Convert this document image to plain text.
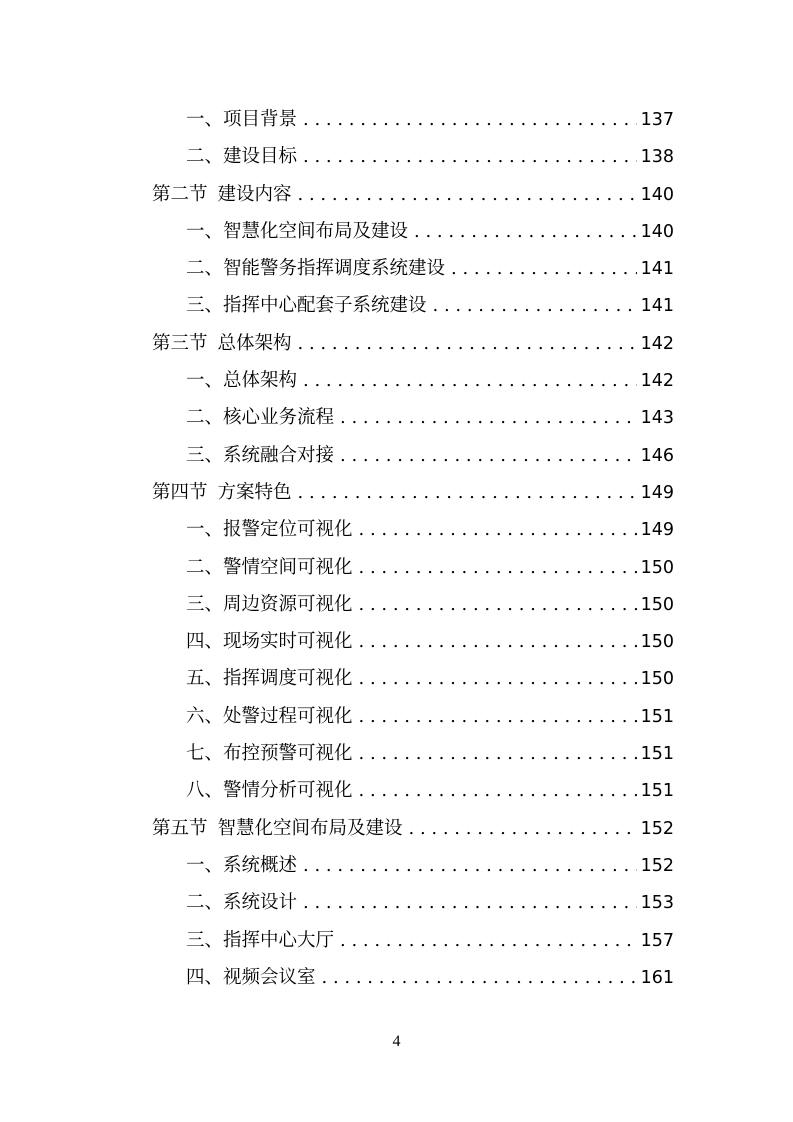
一、 项目背景 . . .	137
二、 建设目标 . . .	138
第二节 建设内容 . . .	140
一、 智慧化空间布局及建设 . . .	140
二、 智能警务指挥调度系统建设 . . .	141
三、 指挥中心配套子系统建设 . . .	141
第三节 总体架构 . . .	142
一、 总体架构 . . .	142
二、 核心业务流程 . . .	143
三、 系统融合对接 . . .	146
第四节 方案特色 . . .	149
一、 报警定位可视化 . . .	149
二、 警情空间可视化 . . .	150
三、 周边资源可视化 . . .	150
四、 现场实时可视化 . . .	150
五、 指挥调度可视化 . . .	150
六、 处警过程可视化 . . .	151
七、 布控预警可视化 . . .	151
八、 警情分析可视化 . . .	151
第五节 智慧化空间布局及建设 . . .	152
一、 系统概述 . . .	152
二、 系统设计 . . .	153
三、 指挥中心大厅 . . .	157
四、 视频会议室 . . .	161
4
